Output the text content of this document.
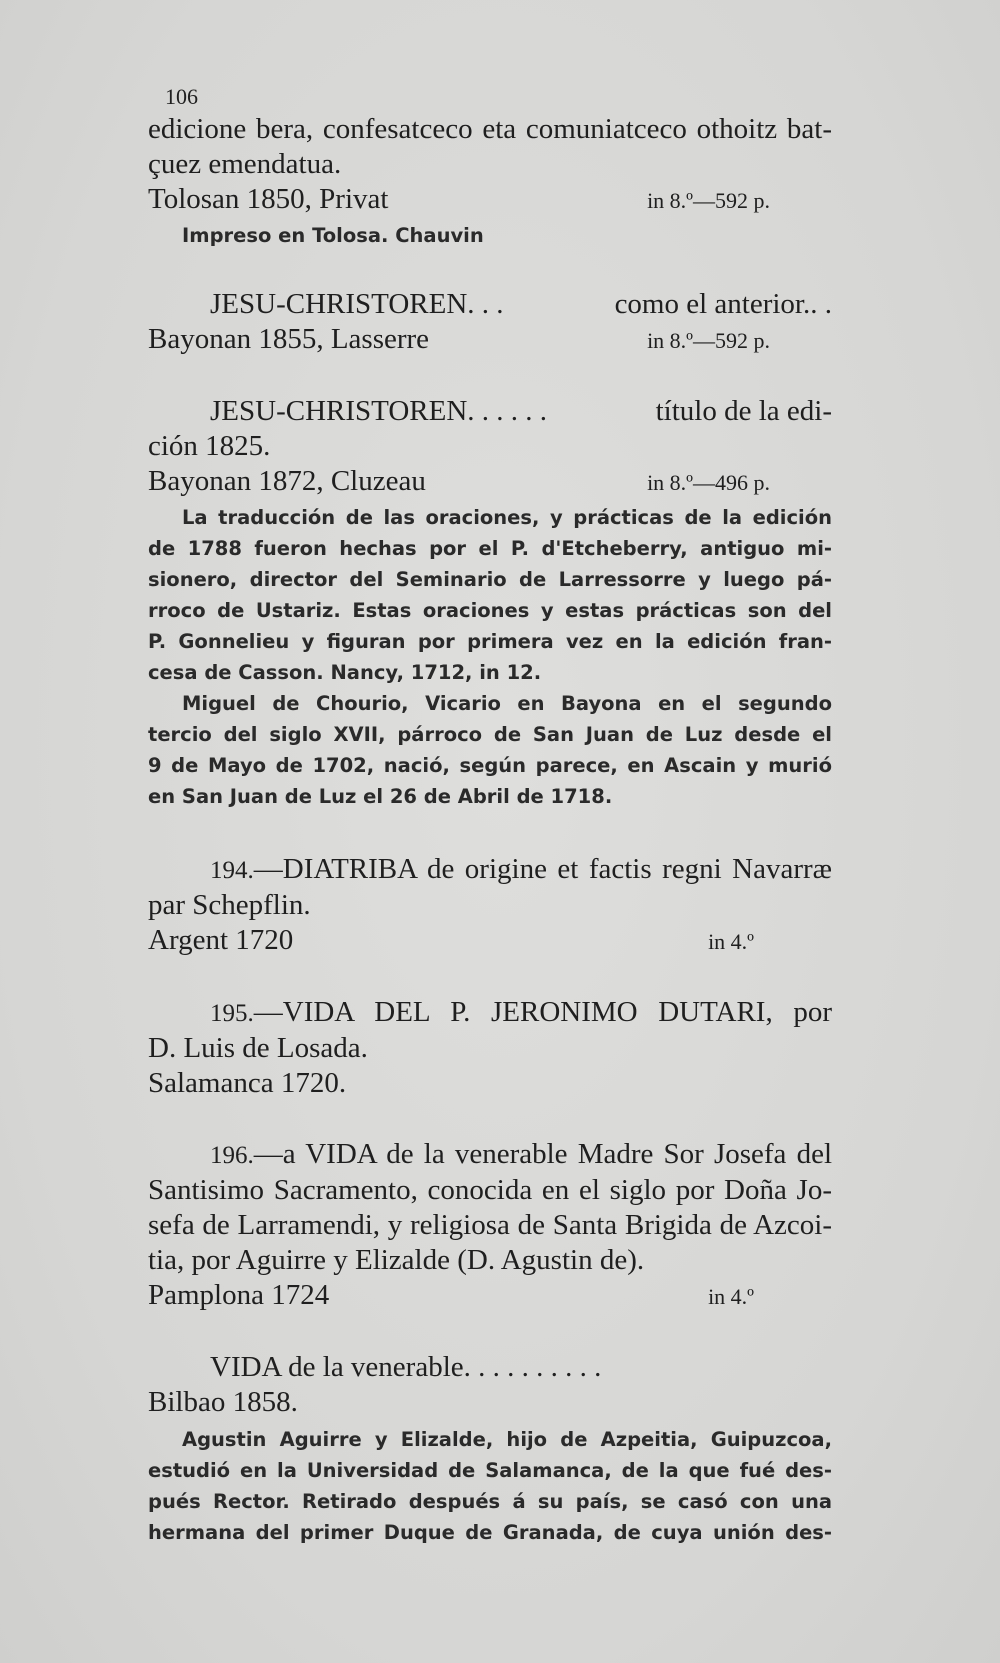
106
edicione bera, confesatceco eta comuniatceco othoitz bat-
çuez emendatua.
Tolosan 1850, Privat	in 8.º—592 p.
Impreso en Tolosa. Chauvin
JESU-CHRISTOREN. . .	como el anterior.. .
Bayonan 1855, Lasserre	in 8.º—592 p.
JESU-CHRISTOREN. . . . . .	título de la edi-
ción 1825.
Bayonan 1872, Cluzeau	in 8.º—496 p.
La traducción de las oraciones, y prácticas de la edición
de 1788 fueron hechas por el P. d'Etcheberry, antiguo mi-
sionero, director del Seminario de Larressorre y luego pá-
rroco de Ustariz. Estas oraciones y estas prácticas son del
P. Gonnelieu y figuran por primera vez en la edición fran-
cesa de Casson. Nancy, 1712, in 12.
Miguel de Chourio, Vicario en Bayona en el segundo
tercio del siglo XVII, párroco de San Juan de Luz desde el
9 de Mayo de 1702, nació, según parece, en Ascain y murió
en San Juan de Luz el 26 de Abril de 1718.
194.—DIATRIBA de origine et factis regni Navarræ
par Schepflin.
Argent 1720	in 4.º
195.—VIDA DEL P. JERONIMO DUTARI, por
D. Luis de Losada.
Salamanca 1720.
196.—a VIDA de la venerable Madre Sor Josefa del
Santisimo Sacramento, conocida en el siglo por Doña Jo-
sefa de Larramendi, y religiosa de Santa Brigida de Azcoi-
tia, por Aguirre y Elizalde (D. Agustin de).
Pamplona 1724	in 4.º
VIDA de la venerable. . . . . . . . . .
Bilbao 1858.
Agustin Aguirre y Elizalde, hijo de Azpeitia, Guipuzcoa,
estudió en la Universidad de Salamanca, de la que fué des-
pués Rector. Retirado después á su país, se casó con una
hermana del primer Duque de Granada, de cuya unión des-
